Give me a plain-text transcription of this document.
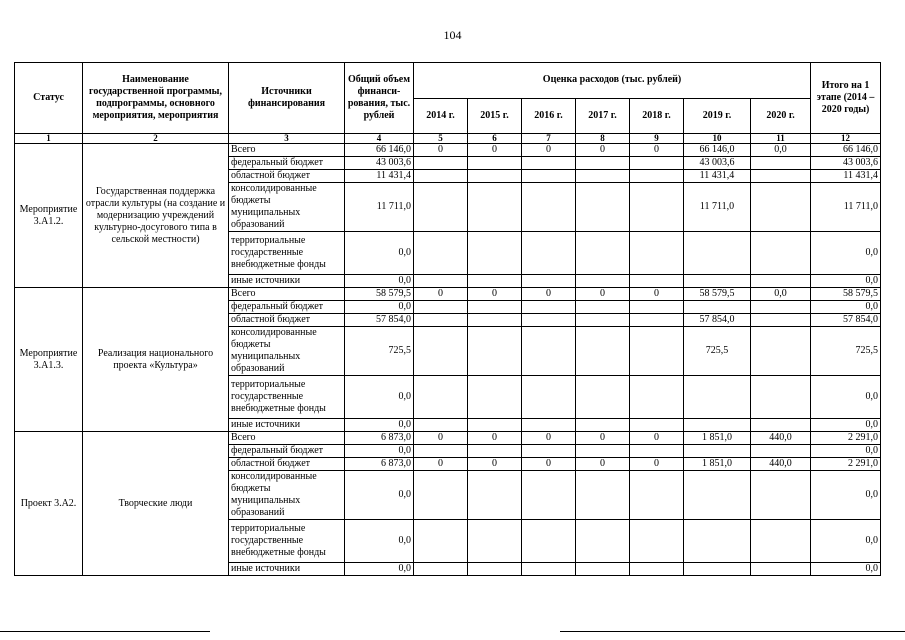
104
Статус	Наименование государственной программы, подпрограммы, основного мероприятия, мероприятия	Источники финансирования	Общий объем финанси- рования, тыс. рублей	Оценка расходов (тыс. рублей)							Итого на 1 этапе (2014 – 2020 годы)
				2014 г.	2015 г.	2016 г.	2017 г.	2018 г.	2019 г.	2020 г.	
1	2	3	4	5	6	7	8	9	10	11	12
Мероприятие 3.А1.2.	Государственная поддержка отрасли культуры (на создание и модернизацию учреждений культурно-досугового типа в сельской местности)	Всего	66 146,0	0	0	0	0	0	66 146,0	0,0	66 146,0
		федеральный бюджет	43 003,6						43 003,6		43 003,6
		областной бюджет	11 431,4						11 431,4		11 431,4
		консолидированные бюджеты муниципальных образований	11 711,0						11 711,0		11 711,0
		территориальные государственные внебюджетные фонды	0,0								0,0
		иные источники	0,0								0,0
Мероприятие 3.А1.3.	Реализация национального проекта «Культура»	Всего	58 579,5	0	0	0	0	0	58 579,5	0,0	58 579,5
		федеральный бюджет	0,0								0,0
		областной бюджет	57 854,0						57 854,0		57 854,0
		консолидированные бюджеты муниципальных образований	725,5						725,5		725,5
		территориальные государственные внебюджетные фонды	0,0								0,0
		иные источники	0,0								0,0
Проект 3.А2.	Творческие люди	Всего	6 873,0	0	0	0	0	0	1 851,0	440,0	2 291,0
		федеральный бюджет	0,0								0,0
		областной бюджет	6 873,0	0	0	0	0	0	1 851,0	440,0	2 291,0
		консолидированные бюджеты муниципальных образований	0,0								0,0
		территориальные государственные внебюджетные фонды	0,0								0,0
		иные источники	0,0								0,0
